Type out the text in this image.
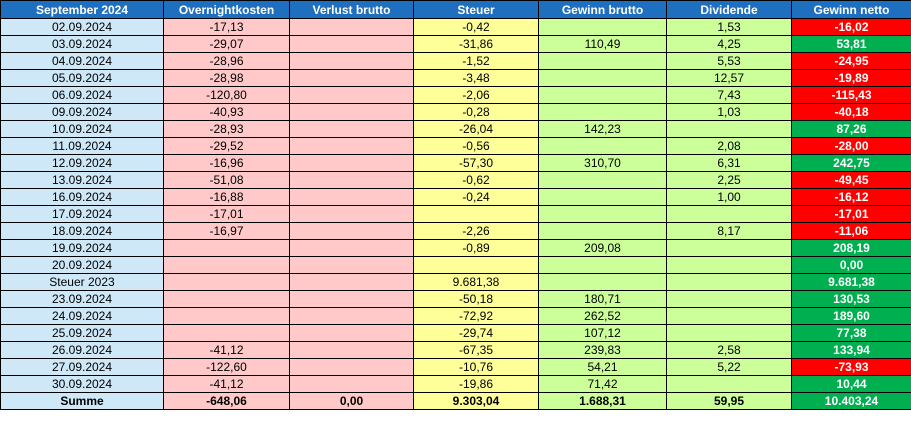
September 2024	Overnightkosten	Verlust brutto	Steuer	Gewinn brutto	Dividende	Gewinn netto
02.09.2024	-17,13		-0,42		1,53	-16,02
03.09.2024	-29,07		-31,86	110,49	4,25	53,81
04.09.2024	-28,96		-1,52		5,53	-24,95
05.09.2024	-28,98		-3,48		12,57	-19,89
06.09.2024	-120,80		-2,06		7,43	-115,43
09.09.2024	-40,93		-0,28		1,03	-40,18
10.09.2024	-28,93		-26,04	142,23		87,26
11.09.2024	-29,52		-0,56		2,08	-28,00
12.09.2024	-16,96		-57,30	310,70	6,31	242,75
13.09.2024	-51,08		-0,62		2,25	-49,45
16.09.2024	-16,88		-0,24		1,00	-16,12
17.09.2024	-17,01					-17,01
18.09.2024	-16,97		-2,26		8,17	-11,06
19.09.2024			-0,89	209,08		208,19
20.09.2024						0,00
Steuer 2023			9.681,38			9.681,38
23.09.2024			-50,18	180,71		130,53
24.09.2024			-72,92	262,52		189,60
25.09.2024			-29,74	107,12		77,38
26.09.2024	-41,12		-67,35	239,83	2,58	133,94
27.09.2024	-122,60		-10,76	54,21	5,22	-73,93
30.09.2024	-41,12		-19,86	71,42		10,44
Summe	-648,06	0,00	9.303,04	1.688,31	59,95	10.403,24
